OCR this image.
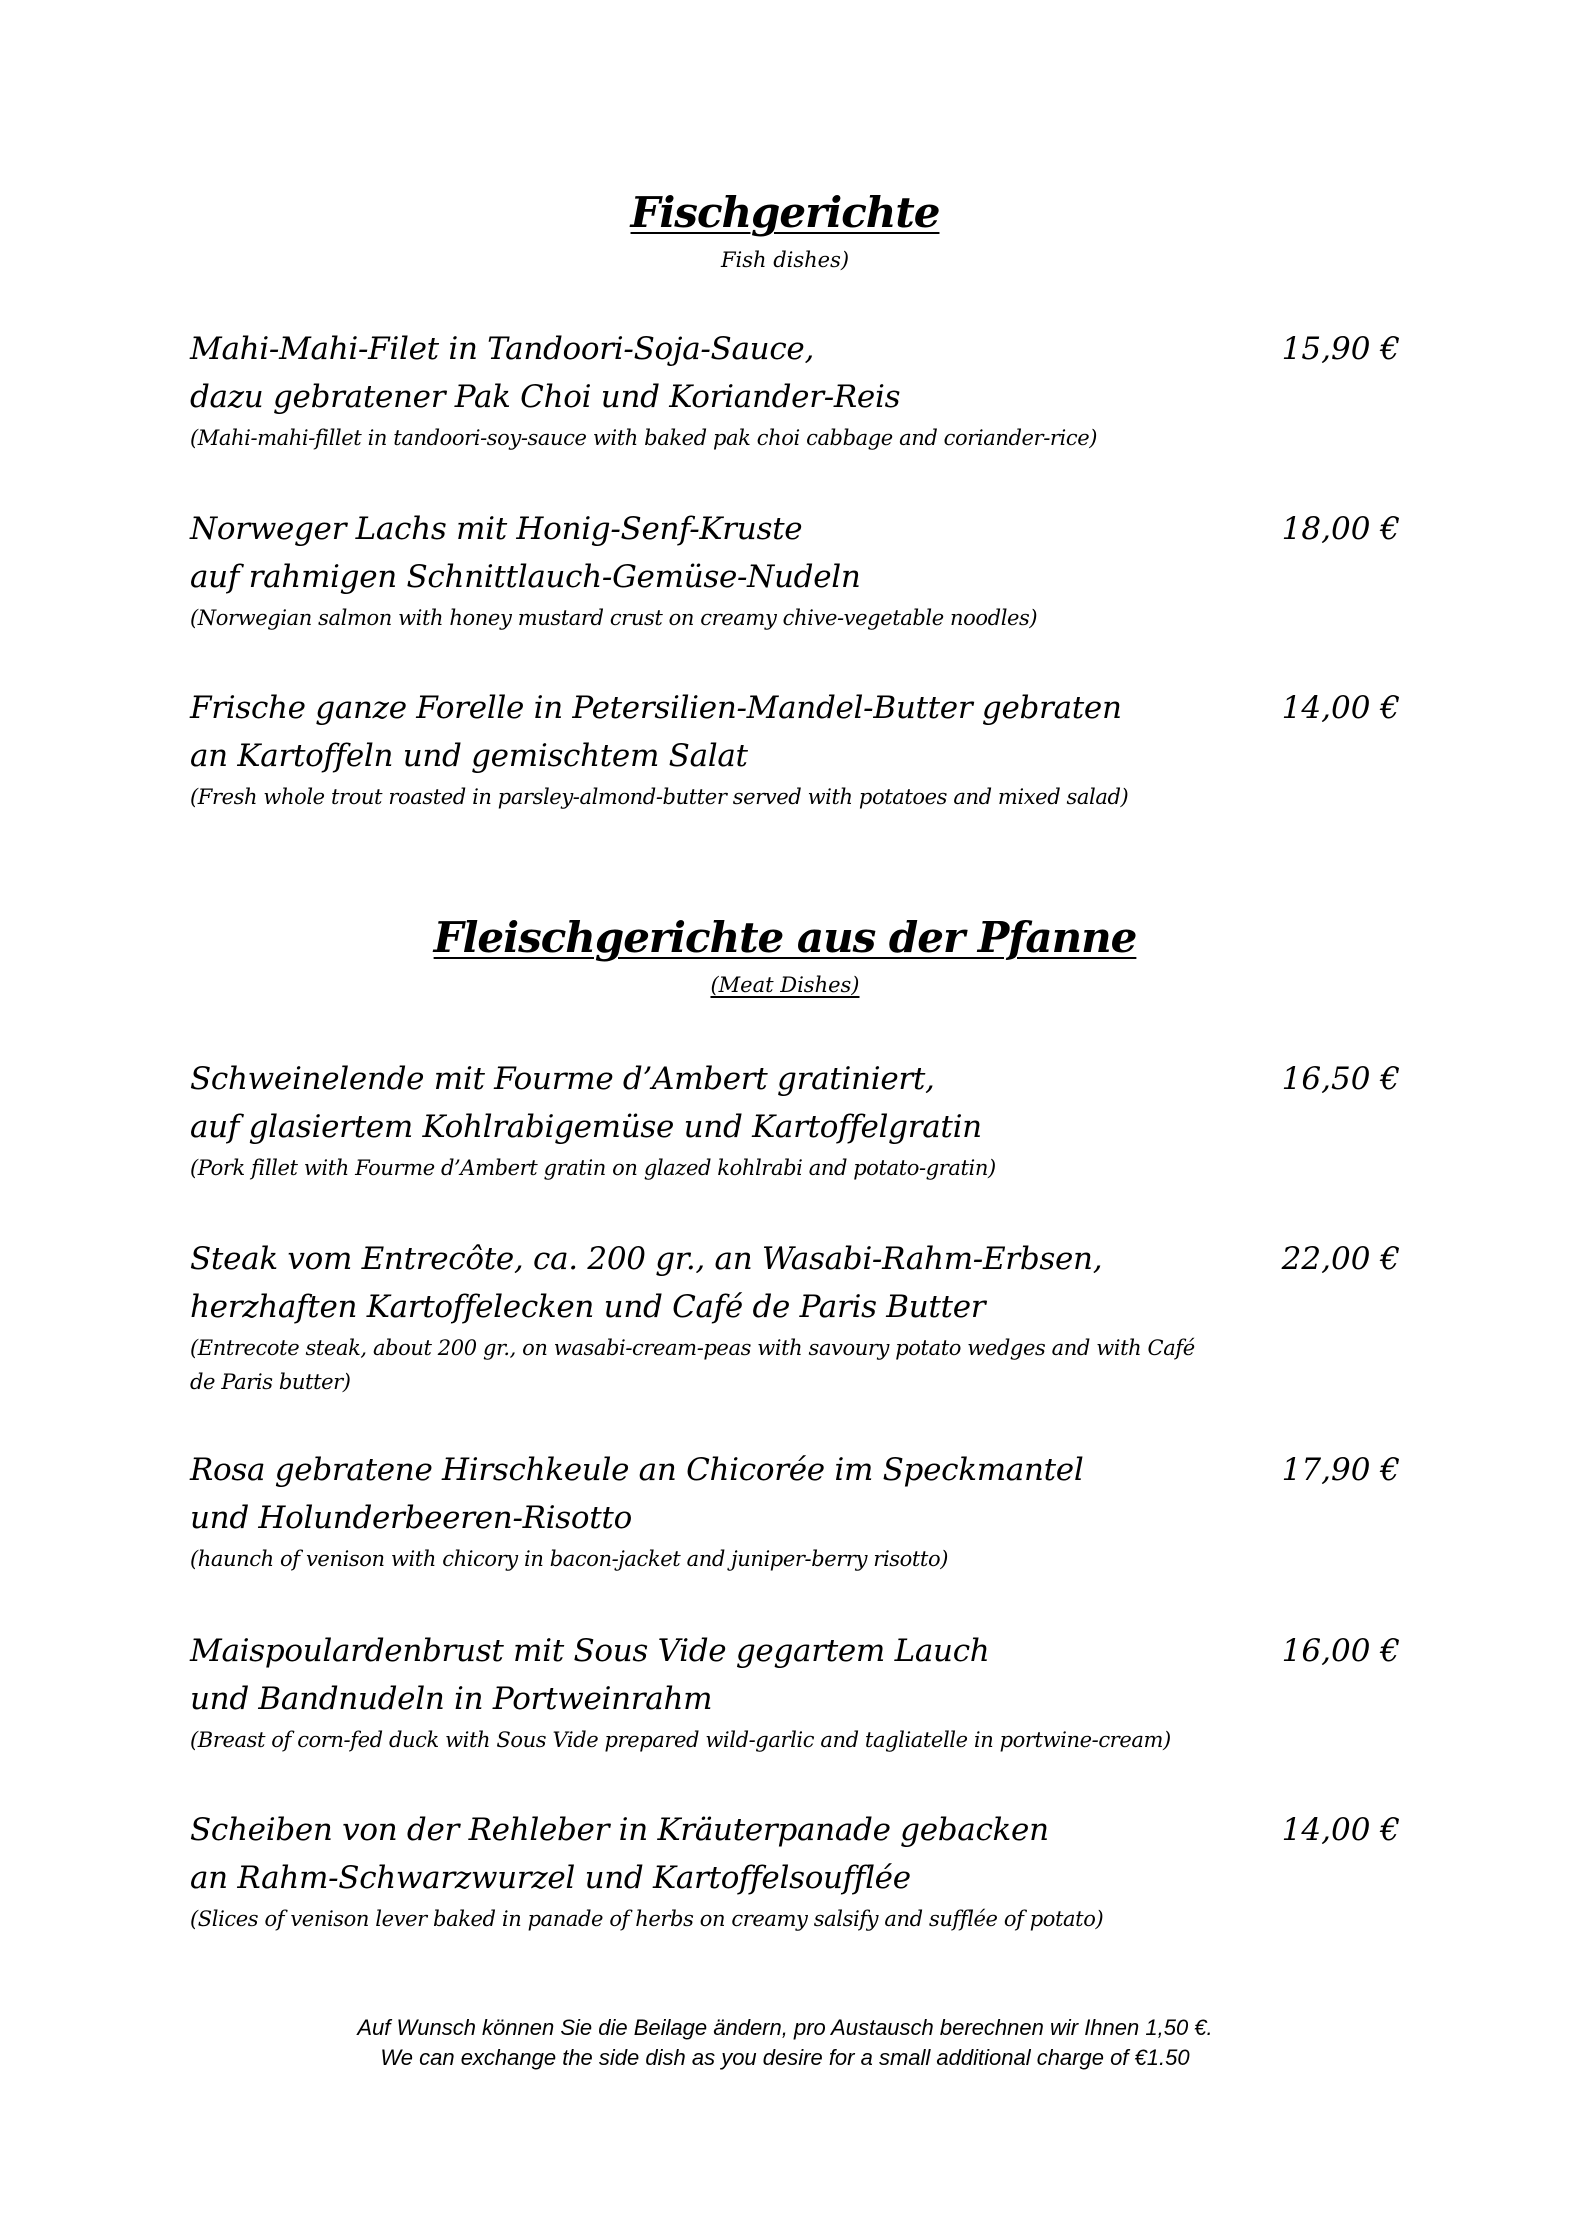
Fischgerichte
Fish dishes)
Mahi-Mahi-Filet in Tandoori-Soja-Sauce,
dazu gebratener Pak Choi und Koriander-Reis
(Mahi-mahi-fillet in tandoori-soy-sauce with baked pak choi cabbage and coriander-rice)
15,90 €
Norweger Lachs mit Honig-Senf-Kruste
auf rahmigen Schnittlauch-Gemüse-Nudeln
(Norwegian salmon with honey mustard crust on creamy chive-vegetable noodles)
18,00 €
Frische ganze Forelle in Petersilien-Mandel-Butter gebraten
an Kartoffeln und gemischtem Salat
(Fresh whole trout roasted in parsley-almond-butter served with potatoes and mixed salad)
14,00 €
Fleischgerichte aus der Pfanne
(Meat Dishes)
Schweinelende mit Fourme d’Ambert gratiniert,
auf glasiertem Kohlrabigemüse und Kartoffelgratin
(Pork fillet with Fourme d’Ambert gratin on glazed kohlrabi and potato-gratin)
16,50 €
Steak vom Entrecôte, ca. 200 gr., an Wasabi-Rahm-Erbsen,
herzhaften Kartoffelecken und Café de Paris Butter
(Entrecote steak, about 200 gr., on wasabi-cream-peas with savoury potato wedges and with Café de Paris butter)
22,00 €
Rosa gebratene Hirschkeule an Chicorée im Speckmantel
und Holunderbeeren-Risotto
(haunch of venison with chicory in bacon-jacket and juniper-berry risotto)
17,90 €
Maispoulardenbrust mit Sous Vide gegartem Lauch
und Bandnudeln in Portweinrahm
(Breast of corn-fed duck with Sous Vide prepared wild-garlic and tagliatelle in portwine-cream)
16,00 €
Scheiben von der Rehleber in Kräuterpanade gebacken
an Rahm-Schwarzwurzel und Kartoffelsoufflée
(Slices of venison lever baked in panade of herbs on creamy salsify and sufflée of potato)
14,00 €
Auf Wunsch können Sie die Beilage ändern, pro Austausch berechnen wir Ihnen 1,50 €.
We can exchange the side dish as you desire for a small additional charge of €1.50
